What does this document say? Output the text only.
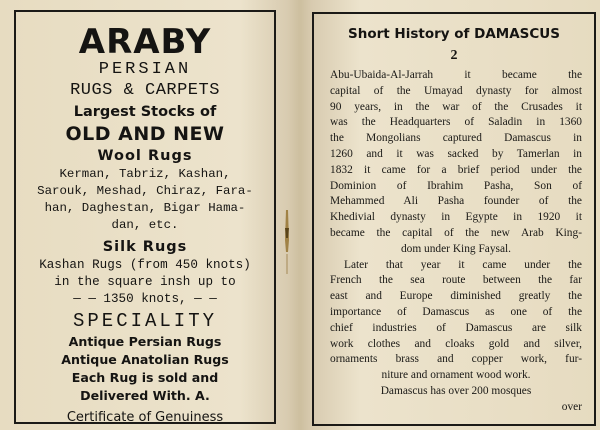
ARABY
PERSIAN
RUGS & CARPETS
Largest Stocks of
OLD AND NEW
Wool Rugs
Kerman, Tabriz, Kashan,
Sarouk, Meshad, Chiraz, Fara-
han, Daghestan, Bigar Hama-
dan, etc.
Silk Rugs
Kashan Rugs (from 450 knots)
in the square insh up to
— — 1350 knots, — —
SPECIALITY
Antique Persian Rugs
Antique Anatolian Rugs
Each Rug is sold and
Delivered With. A.
Certificate of Genuiness
Short History of DAMASCUS
2
Abu-Ubaida-Al-Jarrah it became the
capital of the Umayad dynasty for almost
90 years, in the war of the Crusades it
was the Headquarters of Saladin in 1360
the Mongolians captured Damascus in
1260 and it was sacked by Tamerlan in
1832 it came for a brief period under the
Dominion of Ibrahim Pasha, Son of
Mehammed Ali Pasha founder of the
Khedivial dynasty in Egypte in 1920 it
became the capital of the new Arab King-
dom under King Faysal.
Later that year it came under the
French the sea route between the far
east and Europe diminished greatly the
importance of Damascus as one of the
chief industries of Damascus are silk
work clothes and cloaks gold and silver,
ornaments brass and copper work, fur-
niture and ornament wood work.
Damascus has over 200 mosques
over
